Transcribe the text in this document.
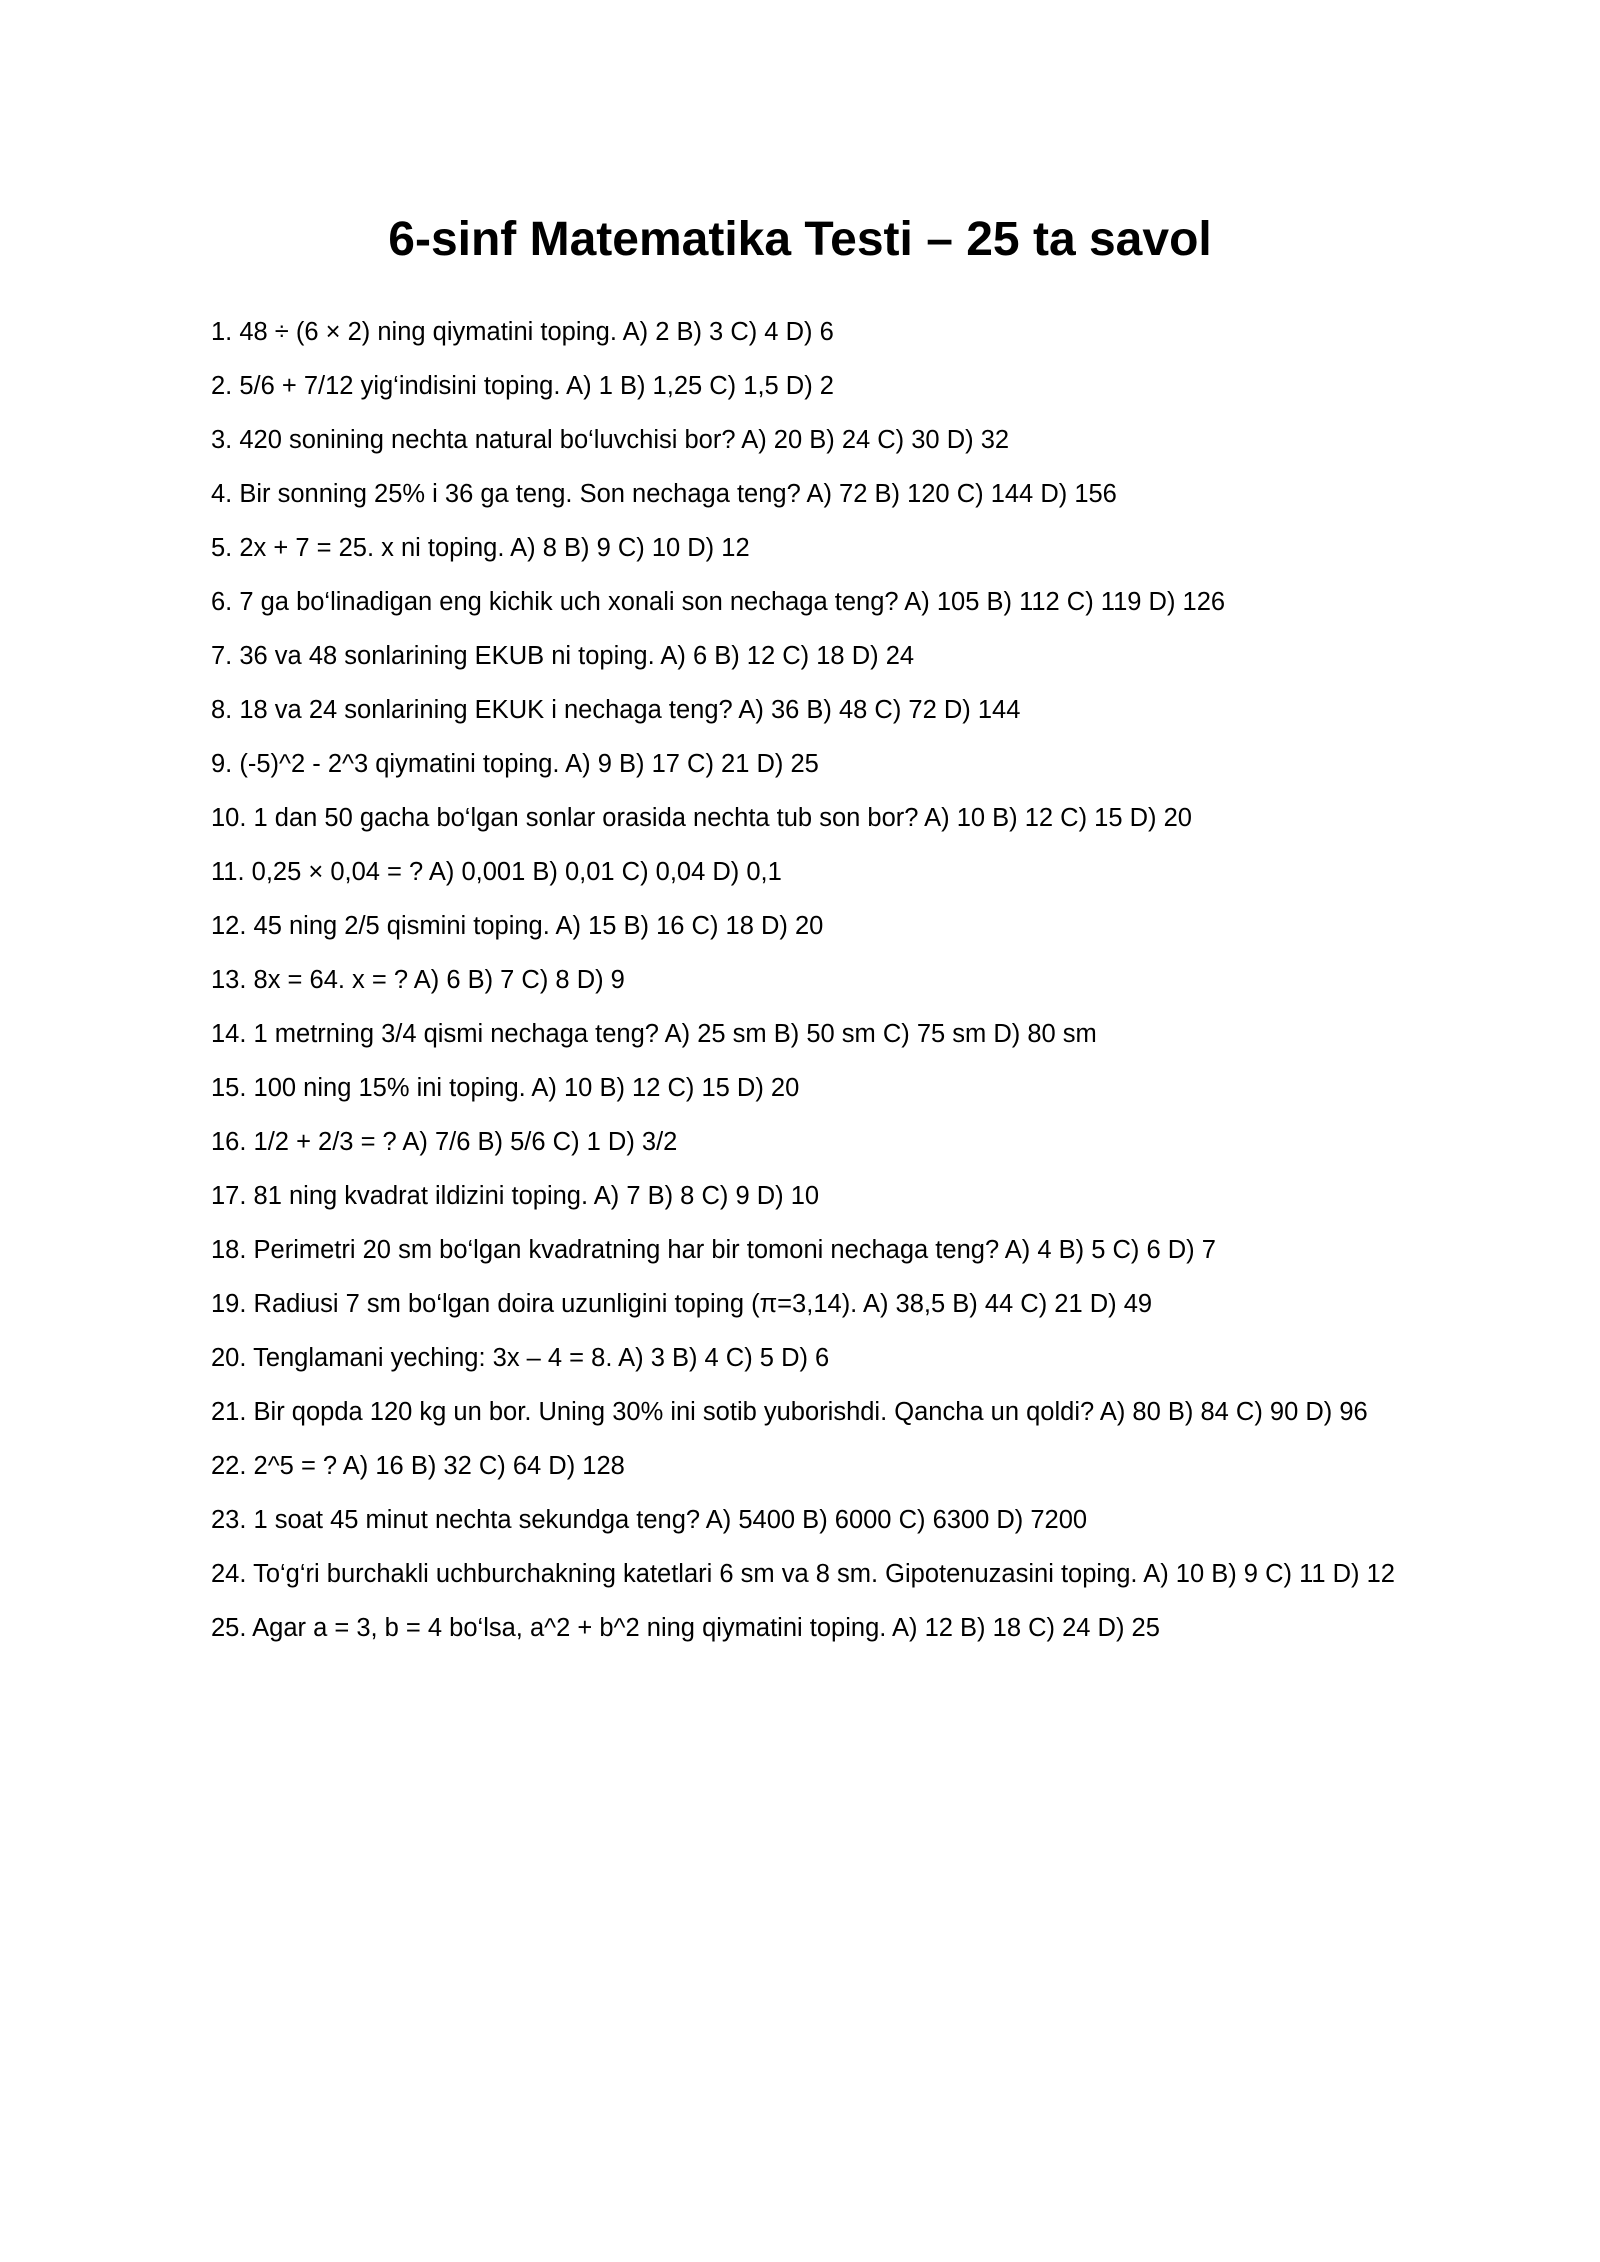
6-sinf Matematika Testi – 25 ta savol
1. 48 ÷ (6 × 2) ning qiymatini toping. A) 2 B) 3 C) 4 D) 6
2. 5/6 + 7/12 yig‘indisini toping. A) 1 B) 1,25 C) 1,5 D) 2
3. 420 sonining nechta natural bo‘luvchisi bor? A) 20 B) 24 C) 30 D) 32
4. Bir sonning 25% i 36 ga teng. Son nechaga teng? A) 72 B) 120 C) 144 D) 156
5. 2x + 7 = 25. x ni toping. A) 8 B) 9 C) 10 D) 12
6. 7 ga bo‘linadigan eng kichik uch xonali son nechaga teng? A) 105 B) 112 C) 119 D) 126
7. 36 va 48 sonlarining EKUB ni toping. A) 6 B) 12 C) 18 D) 24
8. 18 va 24 sonlarining EKUK i nechaga teng? A) 36 B) 48 C) 72 D) 144
9. (-5)^2 - 2^3 qiymatini toping. A) 9 B) 17 C) 21 D) 25
10. 1 dan 50 gacha bo‘lgan sonlar orasida nechta tub son bor? A) 10 B) 12 C) 15 D) 20
11. 0,25 × 0,04 = ? A) 0,001 B) 0,01 C) 0,04 D) 0,1
12. 45 ning 2/5 qismini toping. A) 15 B) 16 C) 18 D) 20
13. 8x = 64. x = ? A) 6 B) 7 C) 8 D) 9
14. 1 metrning 3/4 qismi nechaga teng? A) 25 sm B) 50 sm C) 75 sm D) 80 sm
15. 100 ning 15% ini toping. A) 10 B) 12 C) 15 D) 20
16. 1/2 + 2/3 = ? A) 7/6 B) 5/6 C) 1 D) 3/2
17. 81 ning kvadrat ildizini toping. A) 7 B) 8 C) 9 D) 10
18. Perimetri 20 sm bo‘lgan kvadratning har bir tomoni nechaga teng? A) 4 B) 5 C) 6 D) 7
19. Radiusi 7 sm bo‘lgan doira uzunligini toping (π=3,14). A) 38,5 B) 44 C) 21 D) 49
20. Tenglamani yeching: 3x – 4 = 8. A) 3 B) 4 C) 5 D) 6
21. Bir qopda 120 kg un bor. Uning 30% ini sotib yuborishdi. Qancha un qoldi? A) 80 B) 84 C) 90 D) 96
22. 2^5 = ? A) 16 B) 32 C) 64 D) 128
23. 1 soat 45 minut nechta sekundga teng? A) 5400 B) 6000 C) 6300 D) 7200
24. To‘g‘ri burchakli uchburchakning katetlari 6 sm va 8 sm. Gipotenuzasini toping. A) 10 B) 9 C) 11 D) 12
25. Agar a = 3, b = 4 bo‘lsa, a^2 + b^2 ning qiymatini toping. A) 12 B) 18 C) 24 D) 25
